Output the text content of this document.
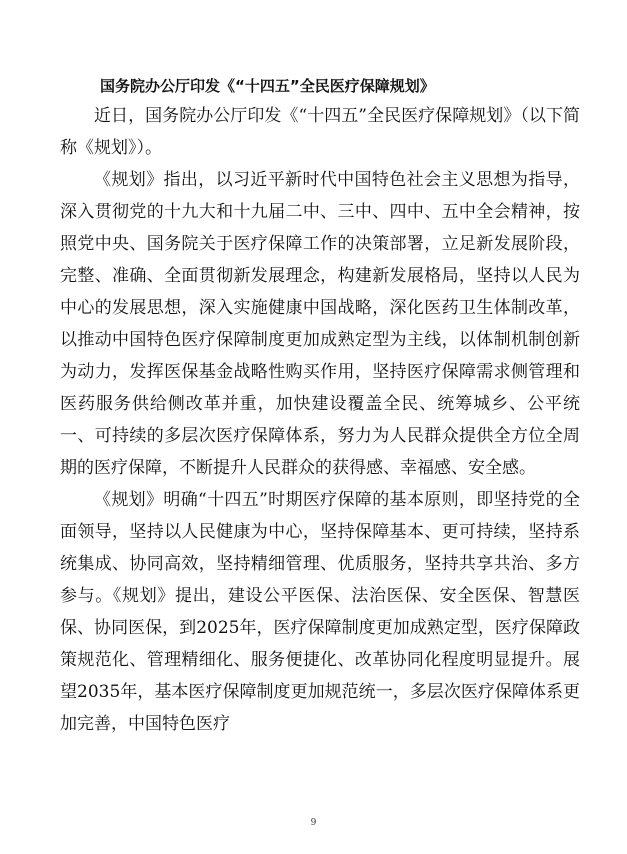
国务院办公厅印发《“十四五”全民医疗保障规划》

近日，国务院办公厅印发《“十四五”全民医疗保障规划》（以下简称《规划》）。

《规划》指出，以习近平新时代中国特色社会主义思想为指导，深入贯彻党的十九大和十九届二中、三中、四中、五中全会精神，按照党中央、国务院关于医疗保障工作的决策部署，立足新发展阶段，完整、准确、全面贯彻新发展理念，构建新发展格局，坚持以人民为中心的发展思想，深入实施健康中国战略，深化医药卫生体制改革，以推动中国特色医疗保障制度更加成熟定型为主线，以体制机制创新为动力，发挥医保基金战略性购买作用，坚持医疗保障需求侧管理和医药服务供给侧改革并重，加快建设覆盖全民、统筹城乡、公平统一、可持续的多层次医疗保障体系，努力为人民群众提供全方位全周期的医疗保障，不断提升人民群众的获得感、幸福感、安全感。

《规划》明确“十四五”时期医疗保障的基本原则，即坚持党的全面领导，坚持以人民健康为中心，坚持保障基本、更可持续，坚持系统集成、协同高效，坚持精细管理、优质服务，坚持共享共治、多方参与。《规划》提出，建设公平医保、法治医保、安全医保、智慧医保、协同医保，到2025年，医疗保障制度更加成熟定型，医疗保障政策规范化、管理精细化、服务便捷化、改革协同化程度明显提升。展望2035年，基本医疗保障制度更加规范统一，多层次医疗保障体系更加完善，中国特色医疗

9
